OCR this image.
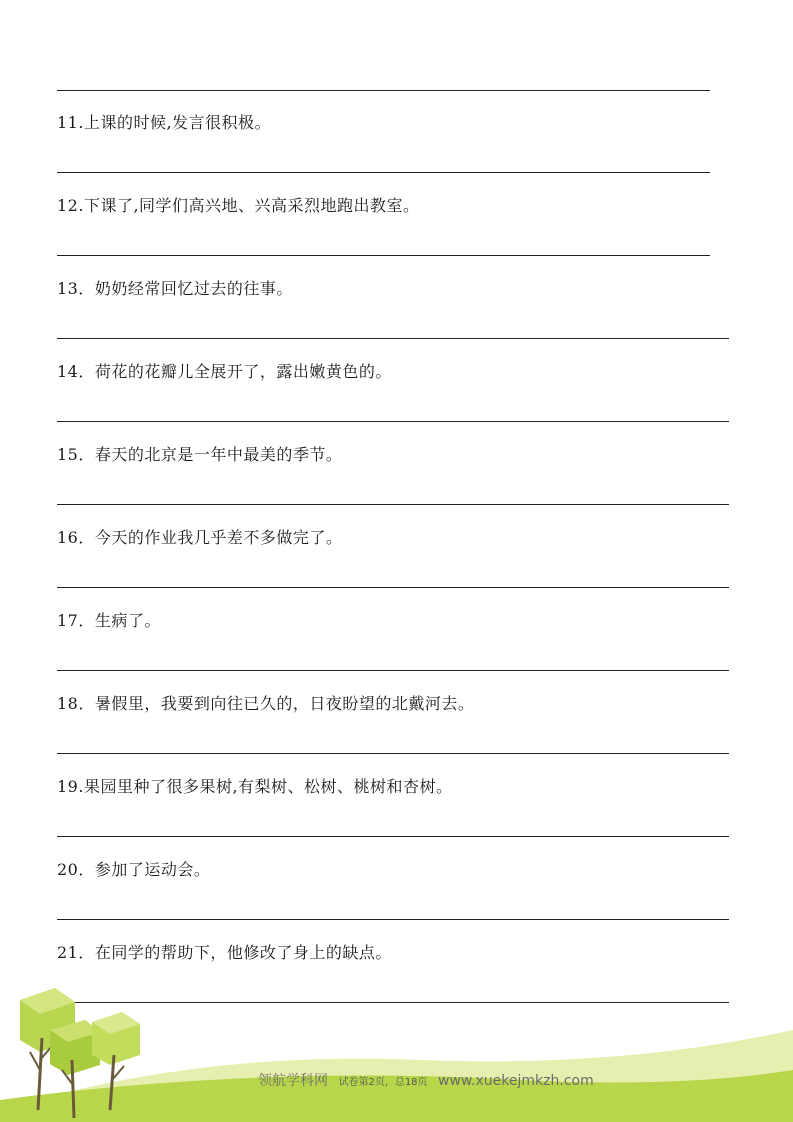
11.上课的时候,发言很积极。
12.下课了,同学们高兴地、兴高采烈地跑出教室。
13．奶奶经常回忆过去的往事。
14．荷花的花瓣儿全展开了，露出嫩黄色的。
15．春天的北京是一年中最美的季节。
16．今天的作业我几乎差不多做完了。
17．生病了。
18．暑假里，我要到向往已久的，日夜盼望的北戴河去。
19.果园里种了很多果树,有梨树、松树、桃树和杏树。
20．参加了运动会。
21．在同学的帮助下，他修改了身上的缺点。
领航学科网 试卷第2页，总18页 www.xuekejmkzh.com
